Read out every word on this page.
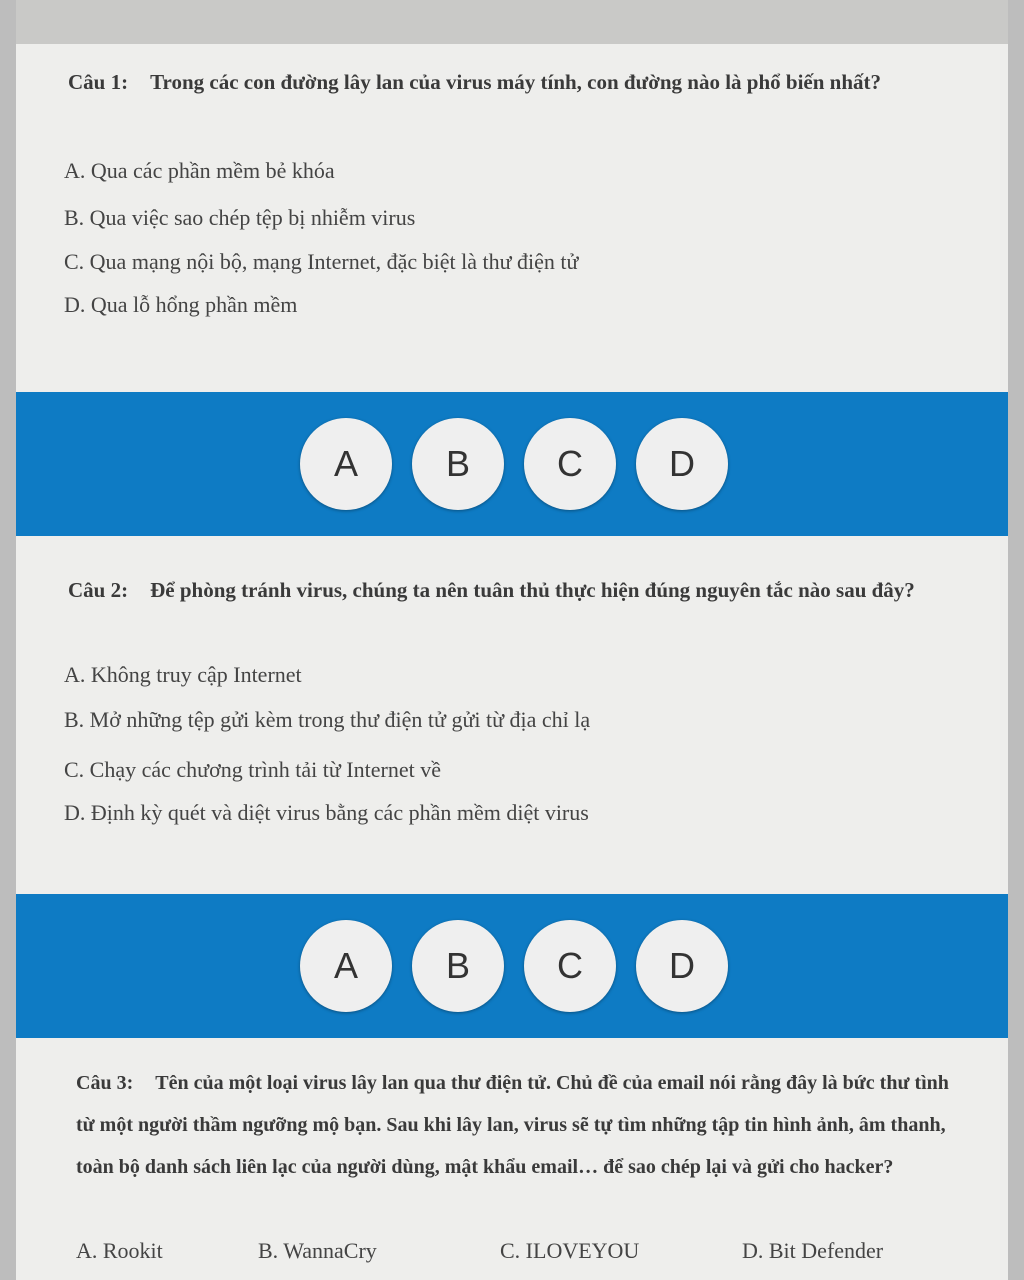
Câu 1: Trong các con đường lây lan của virus máy tính, con đường nào là phổ biến nhất?
A. Qua các phần mềm bẻ khóa
B. Qua việc sao chép tệp bị nhiễm virus
C. Qua mạng nội bộ, mạng Internet, đặc biệt là thư điện tử
D. Qua lỗ hổng phần mềm
A	B	C	D
Câu 2: Để phòng tránh virus, chúng ta nên tuân thủ thực hiện đúng nguyên tắc nào sau đây?
A. Không truy cập Internet
B. Mở những tệp gửi kèm trong thư điện tử gửi từ địa chỉ lạ
C. Chạy các chương trình tải từ Internet về
D. Định kỳ quét và diệt virus bằng các phần mềm diệt virus
A	B	C	D
Câu 3: Tên của một loại virus lây lan qua thư điện tử. Chủ đề của email nói rằng đây là bức thư tình từ một người thầm ngưỡng mộ bạn. Sau khi lây lan, virus sẽ tự tìm những tập tin hình ảnh, âm thanh, toàn bộ danh sách liên lạc của người dùng, mật khẩu email… để sao chép lại và gửi cho hacker?
A. Rookit	B. WannaCry	C. ILOVEYOU	D. Bit Defender
